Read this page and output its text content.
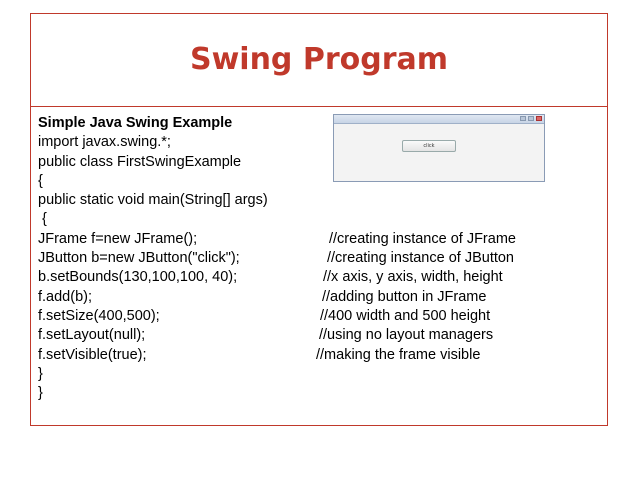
Swing Program
Simple Java Swing Example
import javax.swing.*;
public class FirstSwingExample
{
public static void main(String[] args)
{
JFrame f=new JFrame();	//creating instance of JFrame
JButton b=new JButton("click");	//creating instance of JButton
b.setBounds(130,100,100, 40);	//x axis, y axis, width, height
f.add(b);	//adding button in JFrame
f.setSize(400,500);	//400 width and 500 height
f.setLayout(null);	//using no layout managers
f.setVisible(true);	//making the frame visible
}
}
click
